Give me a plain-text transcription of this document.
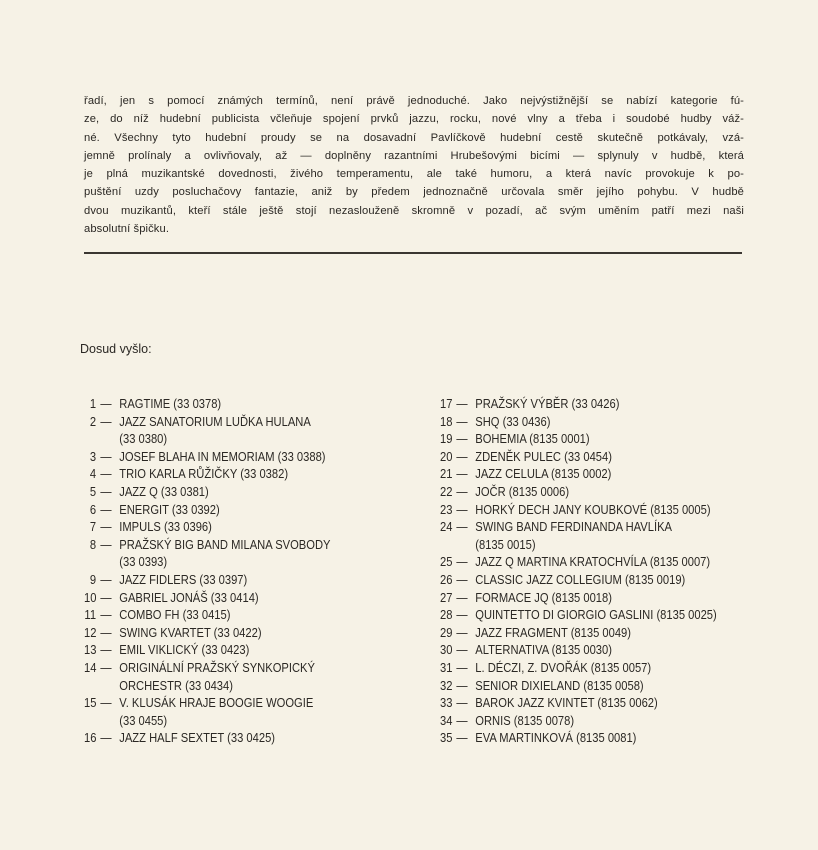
řadí, jen s pomocí známých termínů, není právě jednoduché. Jako nejvýstižnější se nabízí kategorie fú-
ze, do níž hudební publicista včleňuje spojení prvků jazzu, rocku, nové vlny a třeba i soudobé hudby váž-
né. Všechny tyto hudební proudy se na dosavadní Pavlíčkově hudební cestě skutečně potkávaly, vzá-
jemně prolínaly a ovlivňovaly, až — doplněny razantními Hrubešovými bicími — splynuly v hudbě, která
je plná muzikantské dovednosti, živého temperamentu, ale také humoru, a která navíc provokuje k po-
puštění uzdy posluchačovy fantazie, aniž by předem jednoznačně určovala směr jejího pohybu. V hudbě
dvou muzikantů, kteří stále ještě stojí nezaslouženě skromně v pozadí, ač svým uměním patří mezi naši
absolutní špičku.

Dosud vyšlo:

1 — RAGTIME (33 0378)
2 — JAZZ SANATORIUM LUĎKA HULANA
(33 0380)
3 — JOSEF BLAHA IN MEMORIAM (33 0388)
4 — TRIO KARLA RŮŽIČKY (33 0382)
5 — JAZZ Q (33 0381)
6 — ENERGIT (33 0392)
7 — IMPULS (33 0396)
8 — PRAŽSKÝ BIG BAND MILANA SVOBODY
(33 0393)
9 — JAZZ FIDLERS (33 0397)
10 — GABRIEL JONÁŠ (33 0414)
11 — COMBO FH (33 0415)
12 — SWING KVARTET (33 0422)
13 — EMIL VIKLICKÝ (33 0423)
14 — ORIGINÁLNÍ PRAŽSKÝ SYNKOPICKÝ
ORCHESTR (33 0434)
15 — V. KLUSÁK HRAJE BOOGIE WOOGIE
(33 0455)
16 — JAZZ HALF SEXTET (33 0425)
17 — PRAŽSKÝ VÝBĚR (33 0426)
18 — SHQ (33 0436)
19 — BOHEMIA (8135 0001)
20 — ZDENĚK PULEC (33 0454)
21 — JAZZ CELULA (8135 0002)
22 — JOČR (8135 0006)
23 — HORKÝ DECH JANY KOUBKOVÉ (8135 0005)
24 — SWING BAND FERDINANDA HAVLÍKA
(8135 0015)
25 — JAZZ Q MARTINA KRATOCHVÍLA (8135 0007)
26 — CLASSIC JAZZ COLLEGIUM (8135 0019)
27 — FORMACE JQ (8135 0018)
28 — QUINTETTO DI GIORGIO GASLINI (8135 0025)
29 — JAZZ FRAGMENT (8135 0049)
30 — ALTERNATIVA (8135 0030)
31 — L. DÉCZI, Z. DVOŘÁK (8135 0057)
32 — SENIOR DIXIELAND (8135 0058)
33 — BAROK JAZZ KVINTET (8135 0062)
34 — ORNIS (8135 0078)
35 — EVA MARTINKOVÁ (8135 0081)
